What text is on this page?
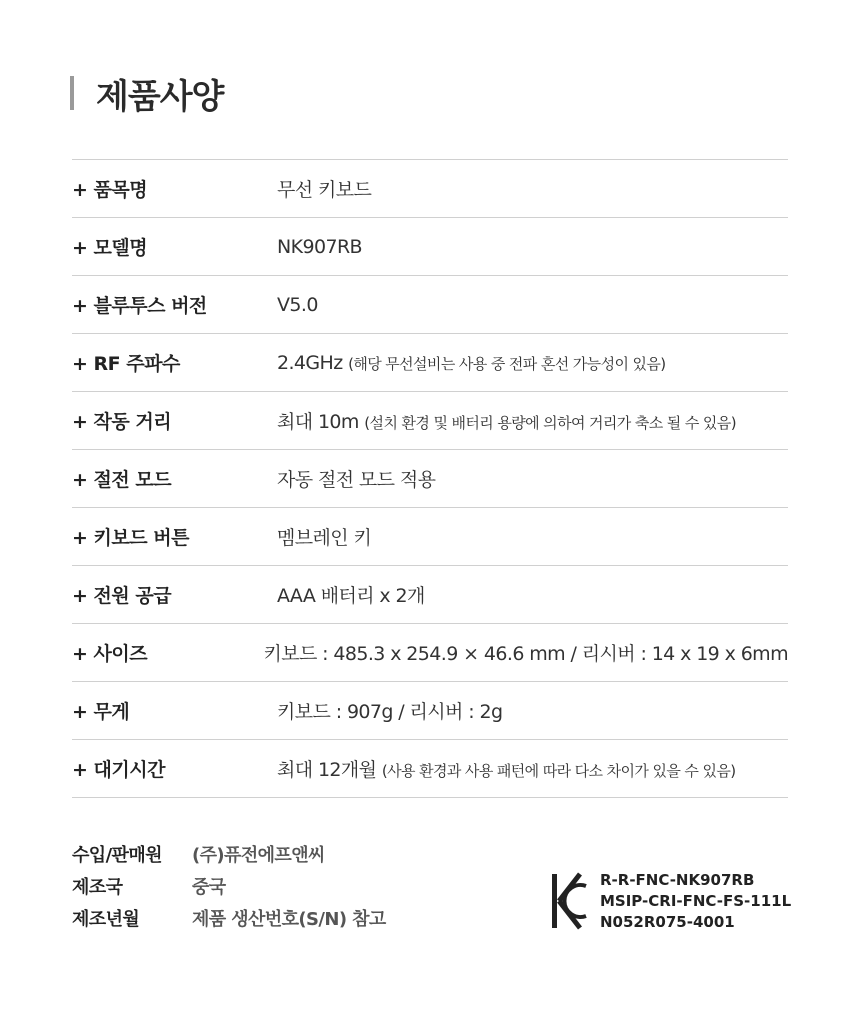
제품사양
+ 품목명	무선 키보드
+ 모델명	NK907RB
+ 블루투스 버전	V5.0
+ RF 주파수	2.4GHz (해당 무선설비는 사용 중 전파 혼선 가능성이 있음)
+ 작동 거리	최대 10m (설치 환경 및 배터리 용량에 의하여 거리가 축소 될 수 있음)
+ 절전 모드	자동 절전 모드 적용
+ 키보드 버튼	멤브레인 키
+ 전원 공급	AAA 배터리 x 2개
+ 사이즈	키보드 : 485.3 x 254.9 × 46.6 mm / 리시버 : 14 x 19 x 6mm
+ 무게	키보드 : 907g / 리시버 : 2g
+ 대기시간	최대 12개월 (사용 환경과 사용 패턴에 따라 다소 차이가 있을 수 있음)
수입/판매원	(주)퓨전에프앤씨
제조국	중국
제조년월	제품 생산번호(S/N) 참고
R-R-FNC-NK907RB
MSIP-CRI-FNC-FS-111L
N052R075-4001
